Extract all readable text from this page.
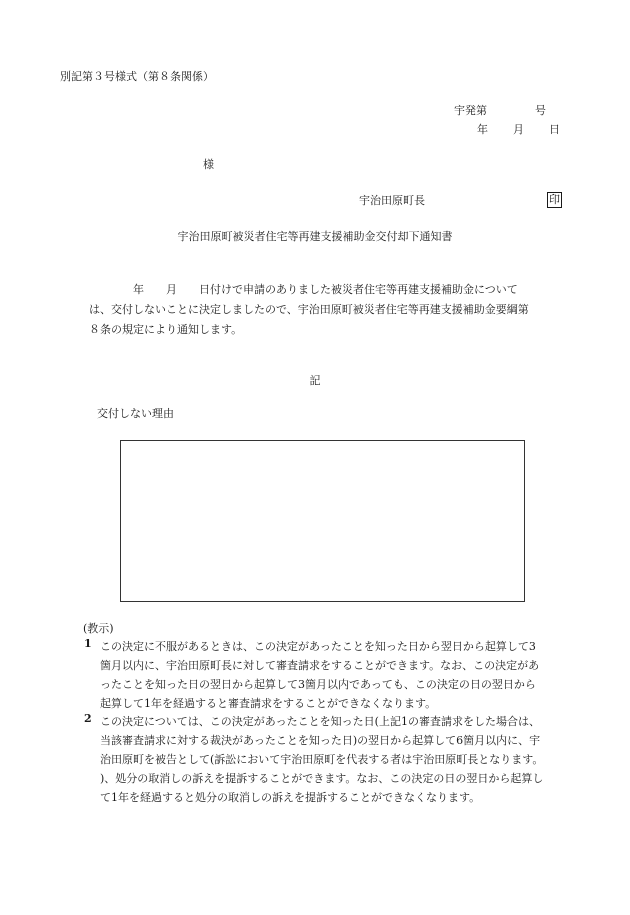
別記第３号様式（第８条関係）
宇発第	号
年 月 日
様
宇治田原町長	印
宇治田原町被災者住宅等再建支援補助金交付却下通知書
　　　　年　　月　　日付けで申請のありました被災者住宅等再建支援補助金について
は、交付しないことに決定しましたので、宇治田原町被災者住宅等再建支援補助金要綱第
８条の規定により通知します。
記
交付しない理由
(教示)
1 この決定に不服があるときは、この決定があったことを知った日から翌日から起算して3
箇月以内に、宇治田原町長に対して審査請求をすることができます。なお、この決定があ
ったことを知った日の翌日から起算して3箇月以内であっても、この決定の日の翌日から
起算して1年を経過すると審査請求をすることができなくなります。
2 この決定については、この決定があったことを知った日(上記1の審査請求をした場合は、
当該審査請求に対する裁決があったことを知った日)の翌日から起算して6箇月以内に、宇
治田原町を被告として(訴訟において宇治田原町を代表する者は宇治田原町長となります。
)、処分の取消しの訴えを提訴することができます。なお、この決定の日の翌日から起算し
て1年を経過すると処分の取消しの訴えを提訴することができなくなります。
